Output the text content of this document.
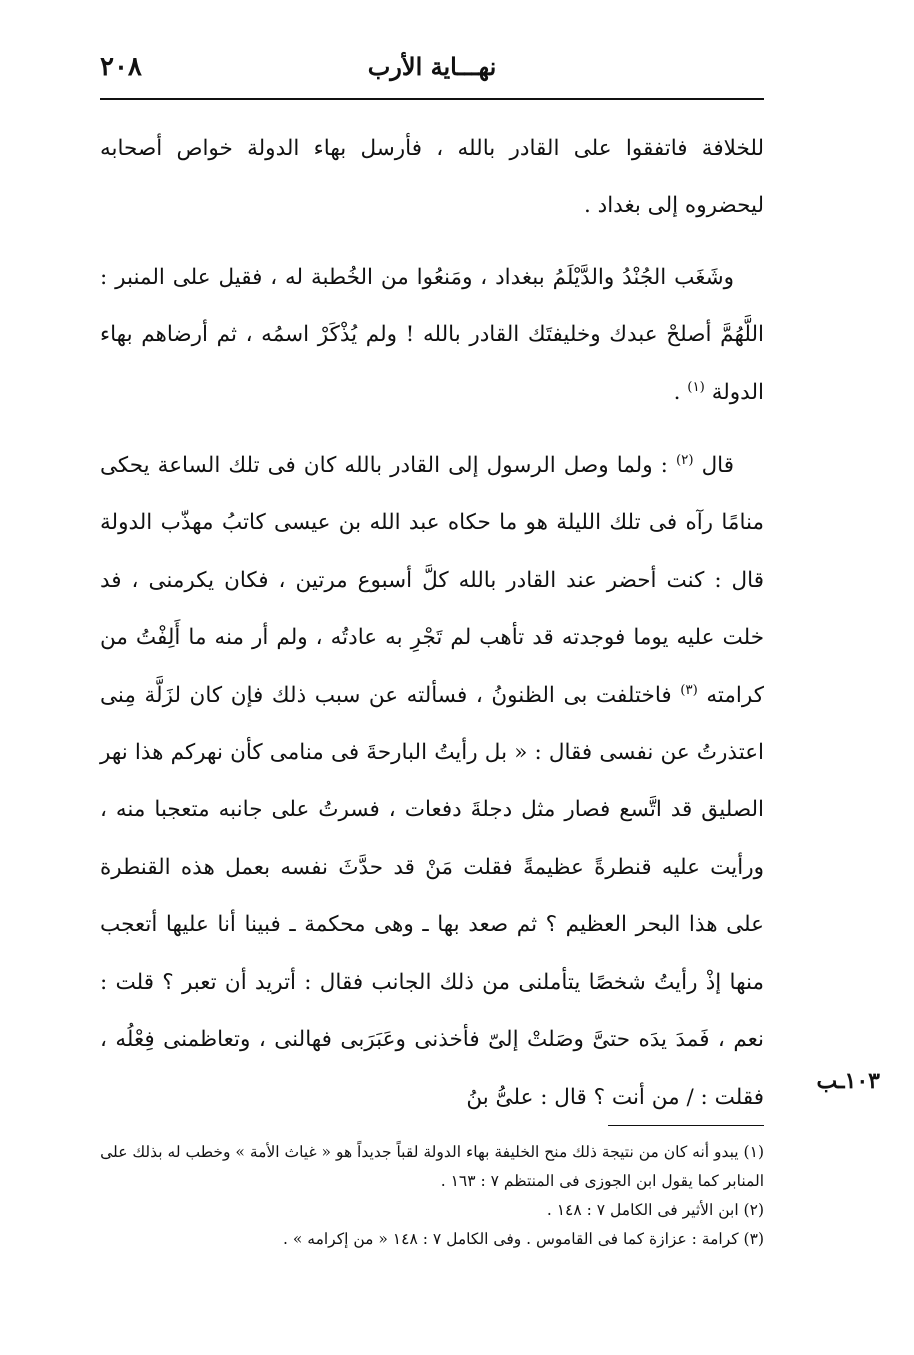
٢٠٨	نهـــاية الأرب

للخلافة فاتفقوا على القادر بالله ، فأرسل بهاء الدولة خواص أصحابه ليحضروه إلى بغداد .

وشَغَب الجُنْدُ والدَّيْلَمُ ببغداد ، ومَنعُوا من الخُطبة له ، فقيل على المنبر : اللَّهُمَّ أصلحْ عبدك وخليفتَك القادر بالله ! ولم يُذْكَرْ اسمُه ، ثم أرضاهم بهاء الدولة $^{(١)}$ .

قال $^{(٢)}$ : ولما وصل الرسول إلى القادر بالله كان فى تلك الساعة يحكى منامًا رآه فى تلك الليلة هو ما حكاه عبد الله بن عيسى كاتبُ مهذّب الدولة قال : كنت أحضر عند القادر بالله كلَّ أسبوع مرتين ، فكان يكرمنى ، فد خلت عليه يوما فوجدته قد تأهب لم تَجْرِ به عادتُه ، ولم أر منه ما أَلِفْتُ من كرامته $^{(٣)}$ فاختلفت بى الظنونُ ، فسألته عن سبب ذلك فإن كان لزَلَّة مِنى اعتذرتُ عن نفسى فقال : « بل رأيتُ البارحةَ فى منامى كأن نهركم هذا نهر الصليق قد اتَّسع فصار مثل دجلةَ دفعات ، فسرتُ على جانبه متعجبا منه ، ورأيت عليه قنطرةً عظيمةً فقلت مَنْ قد حدَّثَ نفسه بعمل هذه القنطرة على هذا البحر العظيم ؟ ثم صعد بها ـ وهى محكمة ـ فبينا أنا عليها أتعجب منها إذْ رأيتُ شخصًا يتأملنى من ذلك الجانب فقال : أتريد أن تعبر ؟ قلت : نعم ، فَمدَ يدَه حتىَّ وصَلتْ إلىّ فأخذنى وعَبَرَبى فهالنى ، وتعاظمنى فِعْلُه ، فقلت : / من أنت ؟ قال : علىُّ بنُ

١٠٣ـب
(١) يبدو أنه كان من نتيجة ذلك منح الخليفة بهاء الدولة لقباً جديداً هو « غياث الأمة » وخطب له بذلك على المنابر كما يقول ابن الجوزى فى المنتظم ٧ : ١٦٣ .
(٢) ابن الأثير فى الكامل ٧ : ١٤٨ .
(٣) كرامة : عزازة كما فى القاموس . وفى الكامل ٧ : ١٤٨ « من إكرامه » .
